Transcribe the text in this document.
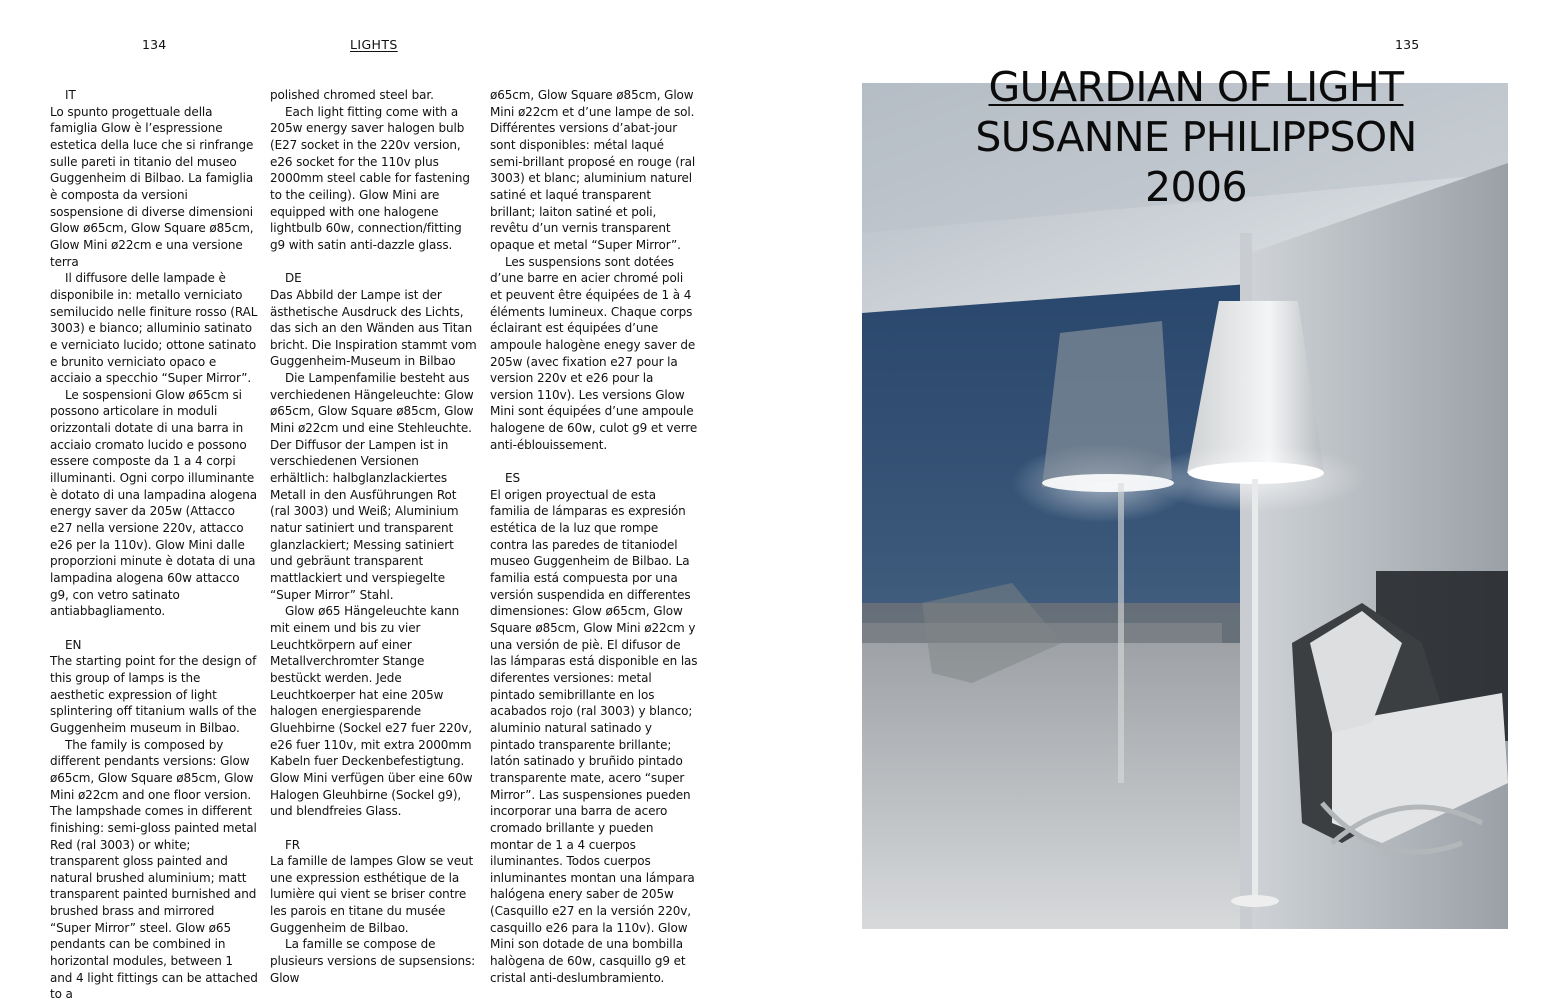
134	LIGHTS	135

IT

Lo spunto progettuale della famiglia Glow è l’espressione estetica della luce che si rinfrange sulle pareti in titanio del museo Guggenheim di Bilbao. La famiglia è composta da versioni sospensione di diverse dimensioni Glow ø65cm, Glow Square ø85cm, Glow Mini ø22cm e una versione terra

Il diffusore delle lampade è disponibile in: metallo verniciato semilucido nelle finiture rosso (RAL 3003) e bianco; alluminio satinato e verniciato lucido; ottone satinato e brunito verniciato opaco e acciaio a specchio “Super Mirror”.

Le sospensioni Glow ø65cm si possono articolare in moduli orizzontali dotate di una barra in acciaio cromato lucido e possono essere composte da 1 a 4 corpi illuminanti. Ogni corpo illuminante è dotato di una lampadina alogena energy saver da 205w (Attacco e27 nella versione 220v, attacco e26 per la 110v). Glow Mini dalle proporzioni minute è dotata di una lampadina alogena 60w attacco g9, con vetro satinato antiabbagliamento.

EN

The starting point for the design of this group of lamps is the aesthetic expression of light splintering off titanium walls of the Guggenheim museum in Bilbao.

The family is composed by different pendants versions: Glow ø65cm, Glow Square ø85cm, Glow Mini ø22cm and one floor version. The lampshade comes in different finishing: semi-gloss painted metal Red (ral 3003) or white; transparent gloss painted and natural brushed aluminium; matt transparent painted burnished and brushed brass and mirrored “Super Mirror” steel. Glow ø65 pendants can be combined in horizontal modules, between 1 and 4 light fittings can be attached to a

polished chromed steel bar.

Each light fitting come with a 205w energy saver halogen bulb (E27 socket in the 220v version, e26 socket for the 110v plus 2000mm steel cable for fastening to the ceiling). Glow Mini are equipped with one halogene lightbulb 60w, connection/fitting g9 with satin anti-dazzle glass.

DE

Das Abbild der Lampe ist der ästhetische Ausdruck des Lichts, das sich an den Wänden aus Titan bricht. Die Inspiration stammt vom Guggenheim-Museum in Bilbao

Die Lampenfamilie besteht aus verchiedenen Hängeleuchte: Glow ø65cm, Glow Square ø85cm, Glow Mini ø22cm und eine Stehleuchte. Der Diffusor der Lampen ist in verschiedenen Versionen erhältlich: halbglanzlackiertes Metall in den Ausführungen Rot (ral 3003) und Weiß; Aluminium natur satiniert und transparent glanzlackiert; Messing satiniert und gebräunt transparent mattlackiert und verspiegelte “Super Mirror” Stahl.

Glow ø65 Hängeleuchte kann mit einem und bis zu vier Leuchtkörpern auf einer Metallverchromter Stange bestückt werden. Jede Leuchtkoerper hat eine 205w halogen energiesparende Gluehbirne (Sockel e27 fuer 220v, e26 fuer 110v, mit extra 2000mm Kabeln fuer Deckenbefestigtung. Glow Mini verfügen über eine 60w Halogen Gleuhbirne (Sockel g9), und blendfreies Glass.

FR

La famille de lampes Glow se veut une expression esthétique de la lumière qui vient se briser contre les parois en titane du musée Guggenheim de Bilbao.

La famille se compose de plusieurs versions de supsensions: Glow

ø65cm, Glow Square ø85cm, Glow Mini ø22cm et d’une lampe de sol. Différentes versions d’abat-jour sont disponibles: métal laqué semi-brillant proposé en rouge (ral 3003) et blanc; aluminium naturel satiné et laqué transparent brillant; laiton satiné et poli, revêtu d’un vernis transparent opaque et metal “Super Mirror”.

Les suspensions sont dotées d’une barre en acier chromé poli et peuvent être équipées de 1 à 4 éléments lumineux. Chaque corps éclairant est équipées d’une ampoule halogène enegy saver de 205w (avec fixation e27 pour la version 220v et e26 pour la version 110v). Les versions Glow Mini sont équipées d’une ampoule halogene de 60w, culot g9 et verre anti-éblouissement.

ES

El origen proyectual de esta familia de lámparas es expresión estética de la luz que rompe contra las paredes de titaniodel museo Guggenheim de Bilbao. La familia está compuesta por una versión suspendida en differentes dimensiones: Glow ø65cm, Glow Square ø85cm, Glow Mini ø22cm y una versión de piè. El difusor de las lámparas está disponible en las diferentes versiones: metal pintado semibrillante en los acabados rojo (ral 3003) y blanco; aluminio natural satinado y pintado transparente brillante; latón satinado y bruñido pintado transparente mate, acero “super Mirror”. Las suspensiones pueden incorporar una barra de acero cromado brillante y pueden montar de 1 a 4 cuerpos iluminantes. Todos cuerpos inluminantes montan una lámpara halógena enery saber de 205w (Casquillo e27 en la versión 220v, casquillo e26 para la 110v). Glow Mini son dotade de una bombilla halògena de 60w, casquillo g9 et cristal anti-deslumbramiento.

GUARDIAN OF LIGHT
SUSANNE PHILIPPSON
2006
